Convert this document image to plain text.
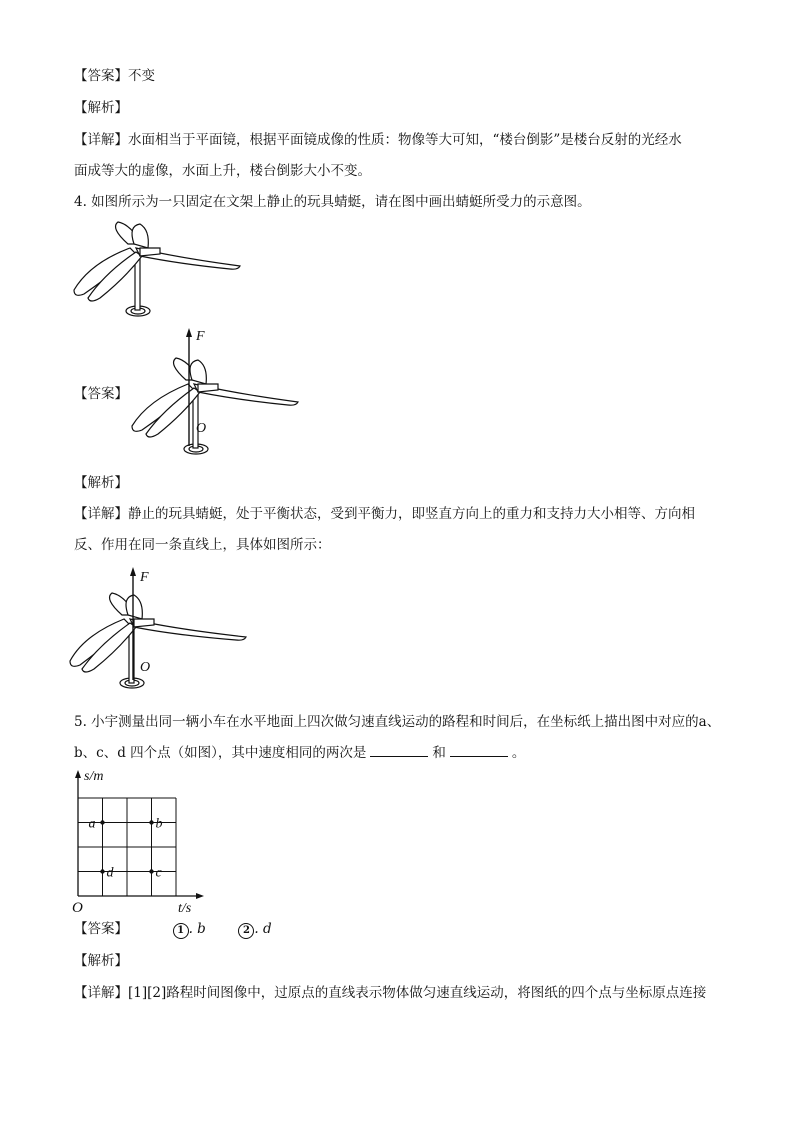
【答案】不变
【解析】
【详解】水面相当于平面镜，根据平面镜成像的性质：物像等大可知，“楼台倒影”是楼台反射的光经水
面成等大的虚像，水面上升，楼台倒影大小不变。
4. 如图所示为一只固定在文架上静止的玩具蜻蜓，请在图中画出蜻蜓所受力的示意图。
【答案】
F
O
【解析】
【详解】静止的玩具蜻蜓，处于平衡状态，受到平衡力，即竖直方向上的重力和支持力大小相等、方向相
反、作用在同一条直线上，具体如图所示：
F
O
5. 小宇测量出同一辆小车在水平地面上四次做匀速直线运动的路程和时间后，在坐标纸上描出图中对应的a、
b、c、d 四个点（如图），其中速度相同的两次是	和	。
s/m
t/s
O
a	b
c
d
【答案】	1 . b	2 . d
【解析】
【详解】[1][2]路程时间图像中，过原点的直线表示物体做匀速直线运动，将图纸的四个点与坐标原点连接
